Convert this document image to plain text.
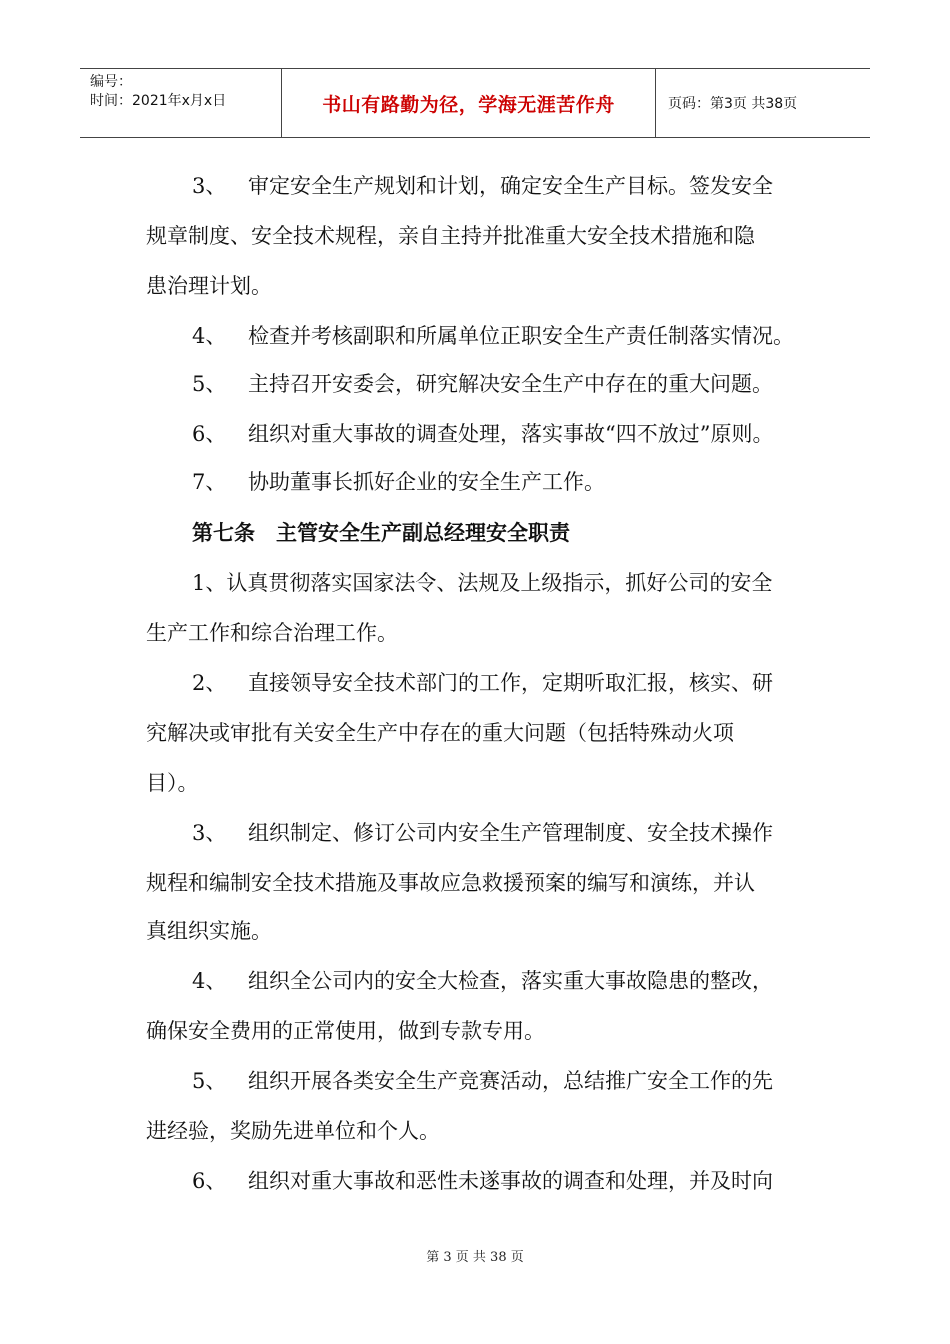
编号：
时间：2021年x月x日	书山有路勤为径，学海无涯苦作舟	页码：第3页 共38页
3、 审定安全生产规划和计划，确定安全生产目标。签发安全
规章制度、安全技术规程，亲自主持并批准重大安全技术措施和隐
患治理计划。
4、 检查并考核副职和所属单位正职安全生产责任制落实情况。
5、 主持召开安委会，研究解决安全生产中存在的重大问题。
6、 组织对重大事故的调查处理，落实事故“四不放过”原则。
7、 协助董事长抓好企业的安全生产工作。
第七条　主管安全生产副总经理安全职责
1、认真贯彻落实国家法令、法规及上级指示，抓好公司的安全
生产工作和综合治理工作。
2、 直接领导安全技术部门的工作，定期听取汇报，核实、研
究解决或审批有关安全生产中存在的重大问题（包括特殊动火项
目）。
3、 组织制定、修订公司内安全生产管理制度、安全技术操作
规程和编制安全技术措施及事故应急救援预案的编写和演练，并认
真组织实施。
4、 组织全公司内的安全大检查，落实重大事故隐患的整改，
确保安全费用的正常使用，做到专款专用。
5、 组织开展各类安全生产竞赛活动，总结推广安全工作的先
进经验，奖励先进单位和个人。
6、 组织对重大事故和恶性未遂事故的调查和处理，并及时向
第 3 页 共 38 页
